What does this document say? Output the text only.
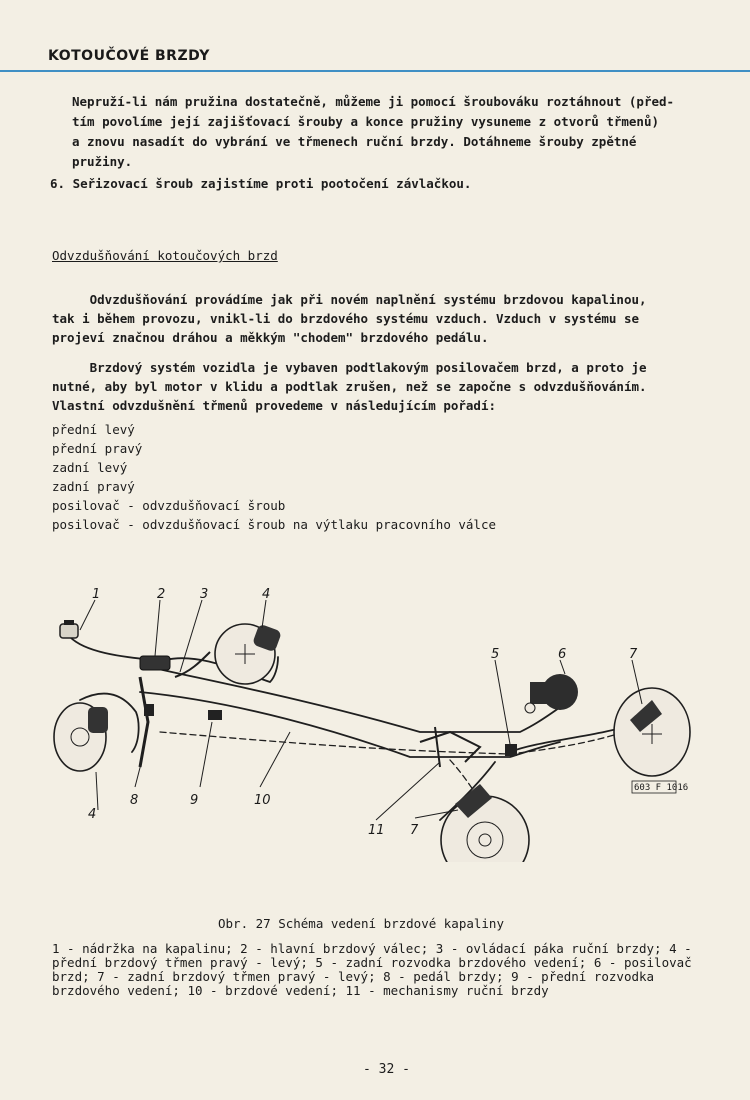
KOTOUČOVÉ BRZDY

Nepruží-li nám pružina dostatečně, můžeme ji pomocí šroubováku roztáhnout (před-

tím povolíme její zajišťovací šrouby a konce pružiny vysuneme z otvorů třmenů)

a znovu nasadít do vybrání ve třmenech ruční brzdy. Dotáhneme šrouby zpětné

pružiny.

6. Seřizovací šroub zajistíme proti pootočení závlačkou.

Odvzdušňování kotoučových brzd

Odvzdušňování provádíme jak při novém naplnění systému brzdovou kapalinou,

tak i během provozu, vnikl-li do brzdového systému vzduch. Vzduch v systému se

projeví značnou dráhou a měkkým "chodem" brzdového pedálu.

Brzdový systém vozidla je vybaven podtlakovým posilovačem brzd, a proto je

nutné, aby byl motor v klidu a podtlak zrušen, než se započne s odvzdušňováním.

Vlastní odvzdušnění třmenů provedeme v následujícím pořadí:

přední levý
přední pravý
zadní levý
zadní pravý
posilovač - odvzdušňovací šroub
posilovač - odvzdušňovací šroub na výtlaku pracovního válce
1	2	3	4
4
5	6	7
7
8	9	10
11
603 F 1016
Obr. 27 Schéma vedení brzdové kapaliny

1 - nádržka na kapalinu; 2 - hlavní brzdový válec; 3 - ovládací páka ruční brzdy; 4 - přední brzdový třmen pravý - levý; 5 - zadní rozvodka brzdového vedení; 6 - posilovač brzd; 7 - zadní brzdový třmen pravý - levý; 8 - pedál brzdy; 9 - přední rozvodka brzdového vedení; 10 - brzdové vedení; 11 - mechanismy ruční brzdy

- 32 -
